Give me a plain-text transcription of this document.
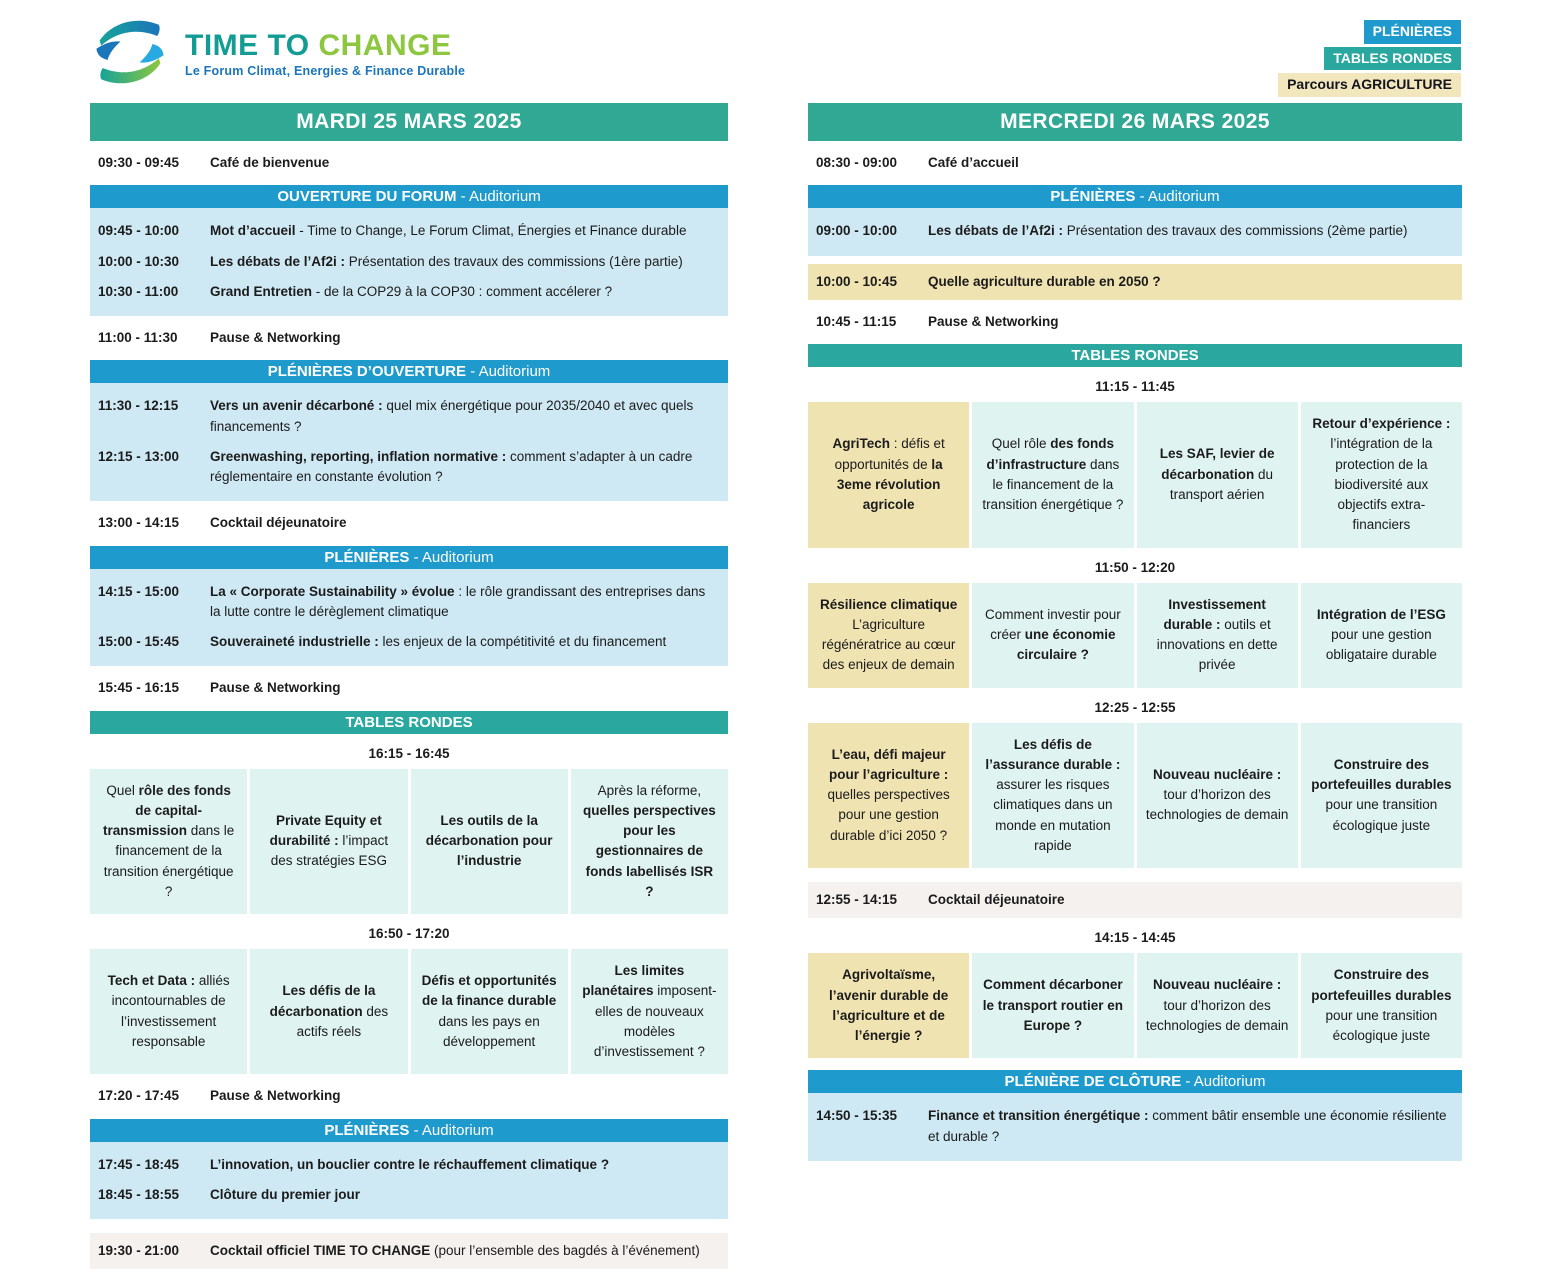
TIME TO CHANGE
Le Forum Climat, Energies & Finance Durable
PLÉNIÈRES
TABLES RONDES
Parcours AGRICULTURE
MARDI 25 MARS 2025
09:30 - 09:45	Café de bienvenue
OUVERTURE DU FORUM - Auditorium
09:45 - 10:00	Mot d’accueil - Time to Change, Le Forum Climat, Énergies et Finance durable
10:00 - 10:30	Les débats de l’Af2i : Présentation des travaux des commissions (1ère partie)
10:30 - 11:00	Grand Entretien - de la COP29 à la COP30 : comment accélerer ?
11:00 - 11:30	Pause & Networking
PLÉNIÈRES D’OUVERTURE - Auditorium
11:30 - 12:15	Vers un avenir décarboné : quel mix énergétique pour 2035/2040 et avec quels financements ?
12:15 - 13:00	Greenwashing, reporting, inflation normative : comment s’adapter à un cadre réglementaire en constante évolution ?
13:00 - 14:15	Cocktail déjeunatoire
PLÉNIÈRES - Auditorium
14:15 - 15:00	La « Corporate Sustainability » évolue : le rôle grandissant des entreprises dans la lutte contre le dérèglement climatique
15:00 - 15:45	Souveraineté industrielle : les enjeux de la compétitivité et du financement
15:45 - 16:15	Pause & Networking
TABLES RONDES
16:15 - 16:45
Quel rôle des fonds de capital-transmission dans le financement de la transition énergétique ?
Private Equity et durabilité : l’impact des stratégies ESG
Les outils de la décarbonation pour l’industrie
Après la réforme, quelles perspectives pour les gestionnaires de fonds labellisés ISR ?
16:50 - 17:20
Tech et Data : alliés incontournables de l’investissement responsable
Les défis de la décarbonation des actifs réels
Défis et opportunités de la finance durable dans les pays en développement
Les limites planétaires imposent-elles de nouveaux modèles d’investissement ?
17:20 - 17:45	Pause & Networking
PLÉNIÈRES - Auditorium
17:45 - 18:45	L’innovation, un bouclier contre le réchauffement climatique ?
18:45 - 18:55	Clôture du premier jour
19:30 - 21:00	Cocktail officiel TIME TO CHANGE (pour l’ensemble des bagdés à l’événement)
MERCREDI 26 MARS 2025
08:30 - 09:00	Café d’accueil
PLÉNIÈRES - Auditorium
09:00 - 10:00	Les débats de l’Af2i : Présentation des travaux des commissions (2ème partie)
10:00 - 10:45	Quelle agriculture durable en 2050 ?
10:45 - 11:15	Pause & Networking
TABLES RONDES
11:15 - 11:45
AgriTech : défis et opportunités de la 3eme révolution agricole
Quel rôle des fonds d’infrastructure dans le financement de la transition énergétique ?
Les SAF, levier de décarbonation du transport aérien
Retour d’expérience : l’intégration de la protection de la biodiversité aux objectifs extra-financiers
11:50 - 12:20
Résilience climatique L’agriculture régénératrice au cœur des enjeux de demain
Comment investir pour créer une économie circulaire ?
Investissement durable : outils et innovations en dette privée
Intégration de l’ESG pour une gestion obligataire durable
12:25 - 12:55
L’eau, défi majeur pour l’agriculture : quelles perspectives pour une gestion durable d’ici 2050 ?
Les défis de l’assurance durable : assurer les risques climatiques dans un monde en mutation rapide
Nouveau nucléaire : tour d’horizon des technologies de demain
Construire des portefeuilles durables pour une transition écologique juste
12:55 - 14:15	Cocktail déjeunatoire
14:15 - 14:45
Agrivoltaïsme, l’avenir durable de l’agriculture et de l’énergie ?
Comment décarboner le transport routier en Europe ?
Nouveau nucléaire : tour d’horizon des technologies de demain
Construire des portefeuilles durables pour une transition écologique juste
PLÉNIÈRE DE CLÔTURE - Auditorium
14:50 - 15:35	Finance et transition énergétique : comment bâtir ensemble une économie résiliente et durable ?
